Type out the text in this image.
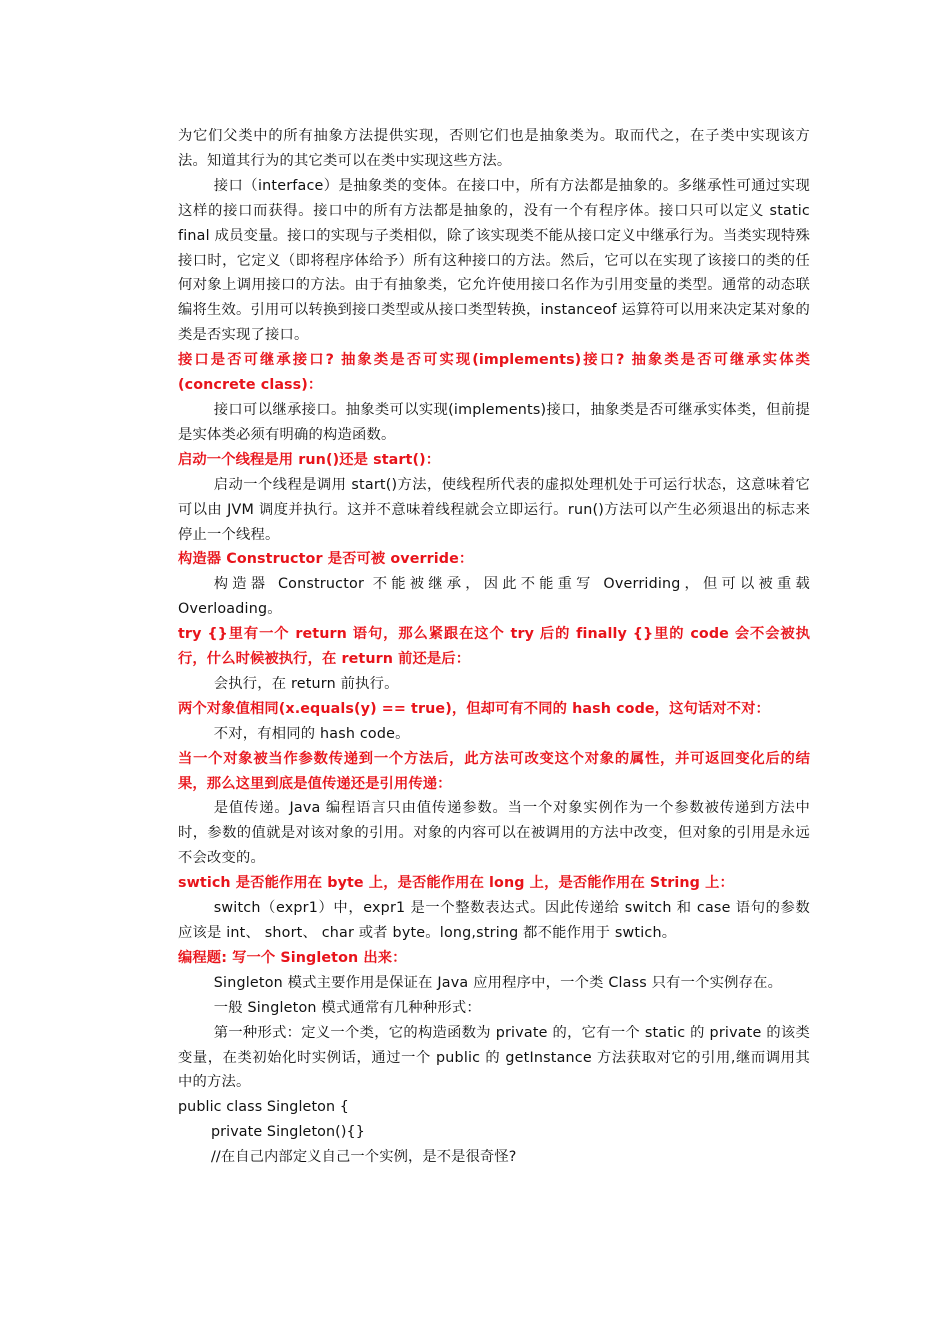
为它们父类中的所有抽象方法提供实现，否则它们也是抽象类为。取而代之，在子类中实现该方法。知道其行为的其它类可以在类中实现这些方法。

接口（interface）是抽象类的变体。在接口中，所有方法都是抽象的。多继承性可通过实现这样的接口而获得。接口中的所有方法都是抽象的，没有一个有程序体。接口只可以定义 static final 成员变量。接口的实现与子类相似，除了该实现类不能从接口定义中继承行为。当类实现特殊接口时，它定义（即将程序体给予）所有这种接口的方法。然后，它可以在实现了该接口的类的任何对象上调用接口的方法。由于有抽象类，它允许使用接口名作为引用变量的类型。通常的动态联编将生效。引用可以转换到接口类型或从接口类型转换，instanceof 运算符可以用来决定某对象的类是否实现了接口。

接口是否可继承接口? 抽象类是否可实现(implements)接口? 抽象类是否可继承实体类(concrete class)：

接口可以继承接口。抽象类可以实现(implements)接口，抽象类是否可继承实体类，但前提是实体类必须有明确的构造函数。

启动一个线程是用 run()还是 start()：

启动一个线程是调用 start()方法，使线程所代表的虚拟处理机处于可运行状态，这意味着它可以由 JVM 调度并执行。这并不意味着线程就会立即运行。run()方法可以产生必须退出的标志来停止一个线程。

构造器 Constructor 是否可被 override：

构造器 Constructor 不能被继承，因此不能重写 Overriding，但可以被重载 Overloading。

try {}里有一个 return 语句，那么紧跟在这个 try 后的 finally {}里的 code 会不会被执行，什么时候被执行，在 return 前还是后：

会执行，在 return 前执行。

两个对象值相同(x.equals(y) == true)，但却可有不同的 hash code，这句话对不对：

不对，有相同的 hash code。

当一个对象被当作参数传递到一个方法后，此方法可改变这个对象的属性，并可返回变化后的结果，那么这里到底是值传递还是引用传递：

是值传递。Java 编程语言只由值传递参数。当一个对象实例作为一个参数被传递到方法中时，参数的值就是对该对象的引用。对象的内容可以在被调用的方法中改变，但对象的引用是永远不会改变的。

swtich 是否能作用在 byte 上，是否能作用在 long 上，是否能作用在 String 上：

switch（expr1）中，expr1 是一个整数表达式。因此传递给 switch 和 case 语句的参数应该是 int、 short、 char 或者 byte。long,string 都不能作用于 swtich。

编程题: 写一个 Singleton 出来：

Singleton 模式主要作用是保证在 Java 应用程序中，一个类 Class 只有一个实例存在。

一般 Singleton 模式通常有几种种形式：

第一种形式：定义一个类，它的构造函数为 private 的，它有一个 static 的 private 的该类变量，在类初始化时实例话，通过一个 public 的 getInstance 方法获取对它的引用,继而调用其中的方法。

public class Singleton {

private Singleton(){}

//在自己内部定义自己一个实例，是不是很奇怪?
